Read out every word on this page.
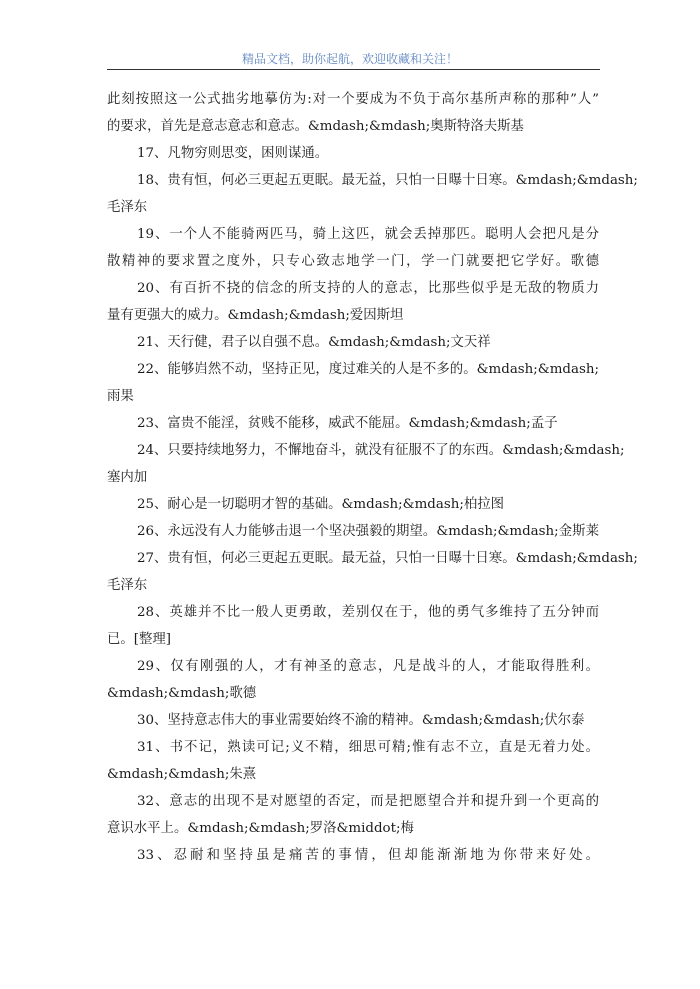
精品文档，助你起航，欢迎收藏和关注！
此刻按照这一公式拙劣地摹仿为:对一个要成为不负于高尔基所声称的那种”人”
的要求，首先是意志意志和意志。&mdash;&mdash;奥斯特洛夫斯基
17、凡物穷则思变，困则谋通。
18、贵有恒，何必三更起五更眠。最无益，只怕一日曝十日寒。&mdash;&mdash;
毛泽东
19、一个人不能骑两匹马，骑上这匹，就会丢掉那匹。聪明人会把凡是分
散精神的要求置之度外，只专心致志地学一门，学一门就要把它学好。歌德
20、有百折不挠的信念的所支持的人的意志，比那些似乎是无敌的物质力
量有更强大的威力。&mdash;&mdash;爱因斯坦
21、天行健，君子以自强不息。&mdash;&mdash;文天祥
22、能够岿然不动，坚持正见，度过难关的人是不多的。&mdash;&mdash;
雨果
23、富贵不能淫，贫贱不能移，威武不能屈。&mdash;&mdash;孟子
24、只要持续地努力，不懈地奋斗，就没有征服不了的东西。&mdash;&mdash;
塞内加
25、耐心是一切聪明才智的基础。&mdash;&mdash;柏拉图
26、永远没有人力能够击退一个坚决强毅的期望。&mdash;&mdash;金斯莱
27、贵有恒，何必三更起五更眠。最无益，只怕一日曝十日寒。&mdash;&mdash;
毛泽东
28、英雄并不比一般人更勇敢，差别仅在于，他的勇气多维持了五分钟而
已。[整理]
29、仅有刚强的人，才有神圣的意志，凡是战斗的人，才能取得胜利。
&mdash;&mdash;歌德
30、坚持意志伟大的事业需要始终不渝的精神。&mdash;&mdash;伏尔泰
31、书不记，熟读可记;义不精，细思可精;惟有志不立，直是无着力处。
&mdash;&mdash;朱熹
32、意志的出现不是对愿望的否定，而是把愿望合并和提升到一个更高的
意识水平上。&mdash;&mdash;罗洛&middot;梅
33、忍耐和坚持虽是痛苦的事情，但却能渐渐地为你带来好处。
